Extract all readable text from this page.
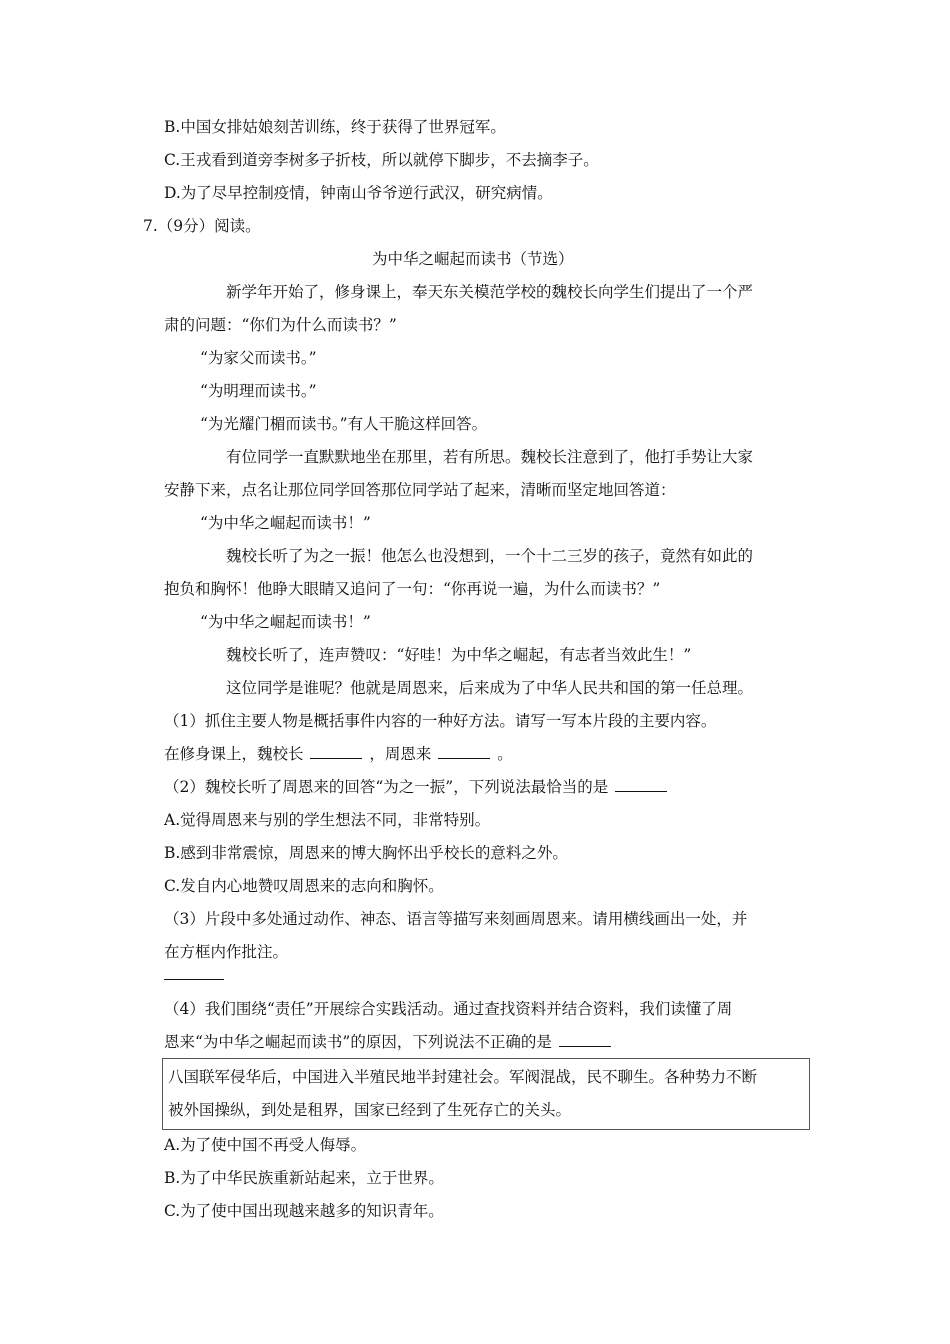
B.中国女排姑娘刻苦训练，终于获得了世界冠军。
C.王戎看到道旁李树多子折枝，所以就停下脚步，不去摘李子。
D.为了尽早控制疫情，钟南山爷爷逆行武汉，研究病情。
7.（9分）阅读。
为中华之崛起而读书（节选）
新学年开始了，修身课上，奉天东关模范学校的魏校长向学生们提出了一个严
肃的问题：“你们为什么而读书？”
“为家父而读书。”
“为明理而读书。”
“为光耀门楣而读书。”有人干脆这样回答。
有位同学一直默默地坐在那里，若有所思。魏校长注意到了，他打手势让大家
安静下来，点名让那位同学回答那位同学站了起来，清晰而坚定地回答道：
“为中华之崛起而读书！”
魏校长听了为之一振！他怎么也没想到，一个十二三岁的孩子，竟然有如此的
抱负和胸怀！他睁大眼睛又追问了一句：“你再说一遍，为什么而读书？”
“为中华之崛起而读书！”
魏校长听了，连声赞叹：“好哇！为中华之崛起，有志者当效此生！”
这位同学是谁呢？他就是周恩来，后来成为了中华人民共和国的第一任总理。
（1）抓住主要人物是概括事件内容的一种好方法。请写一写本片段的主要内容。
在修身课上，魏校长	，周恩来	。
（2）魏校长听了周恩来的回答“为之一振”，下列说法最恰当的是
A.觉得周恩来与别的学生想法不同，非常特别。
B.感到非常震惊，周恩来的博大胸怀出乎校长的意料之外。
C.发自内心地赞叹周恩来的志向和胸怀。
（3）片段中多处通过动作、神态、语言等描写来刻画周恩来。请用横线画出一处，并
在方框内作批注。
（4）我们围绕“责任”开展综合实践活动。通过查找资料并结合资料，我们读懂了周
恩来“为中华之崛起而读书”的原因，下列说法不正确的是
八国联军侵华后，中国进入半殖民地半封建社会。军阀混战，民不聊生。各种势力不断
被外国操纵，到处是租界，国家已经到了生死存亡的关头。
A.为了使中国不再受人侮辱。
B.为了中华民族重新站起来，立于世界。
C.为了使中国出现越来越多的知识青年。
